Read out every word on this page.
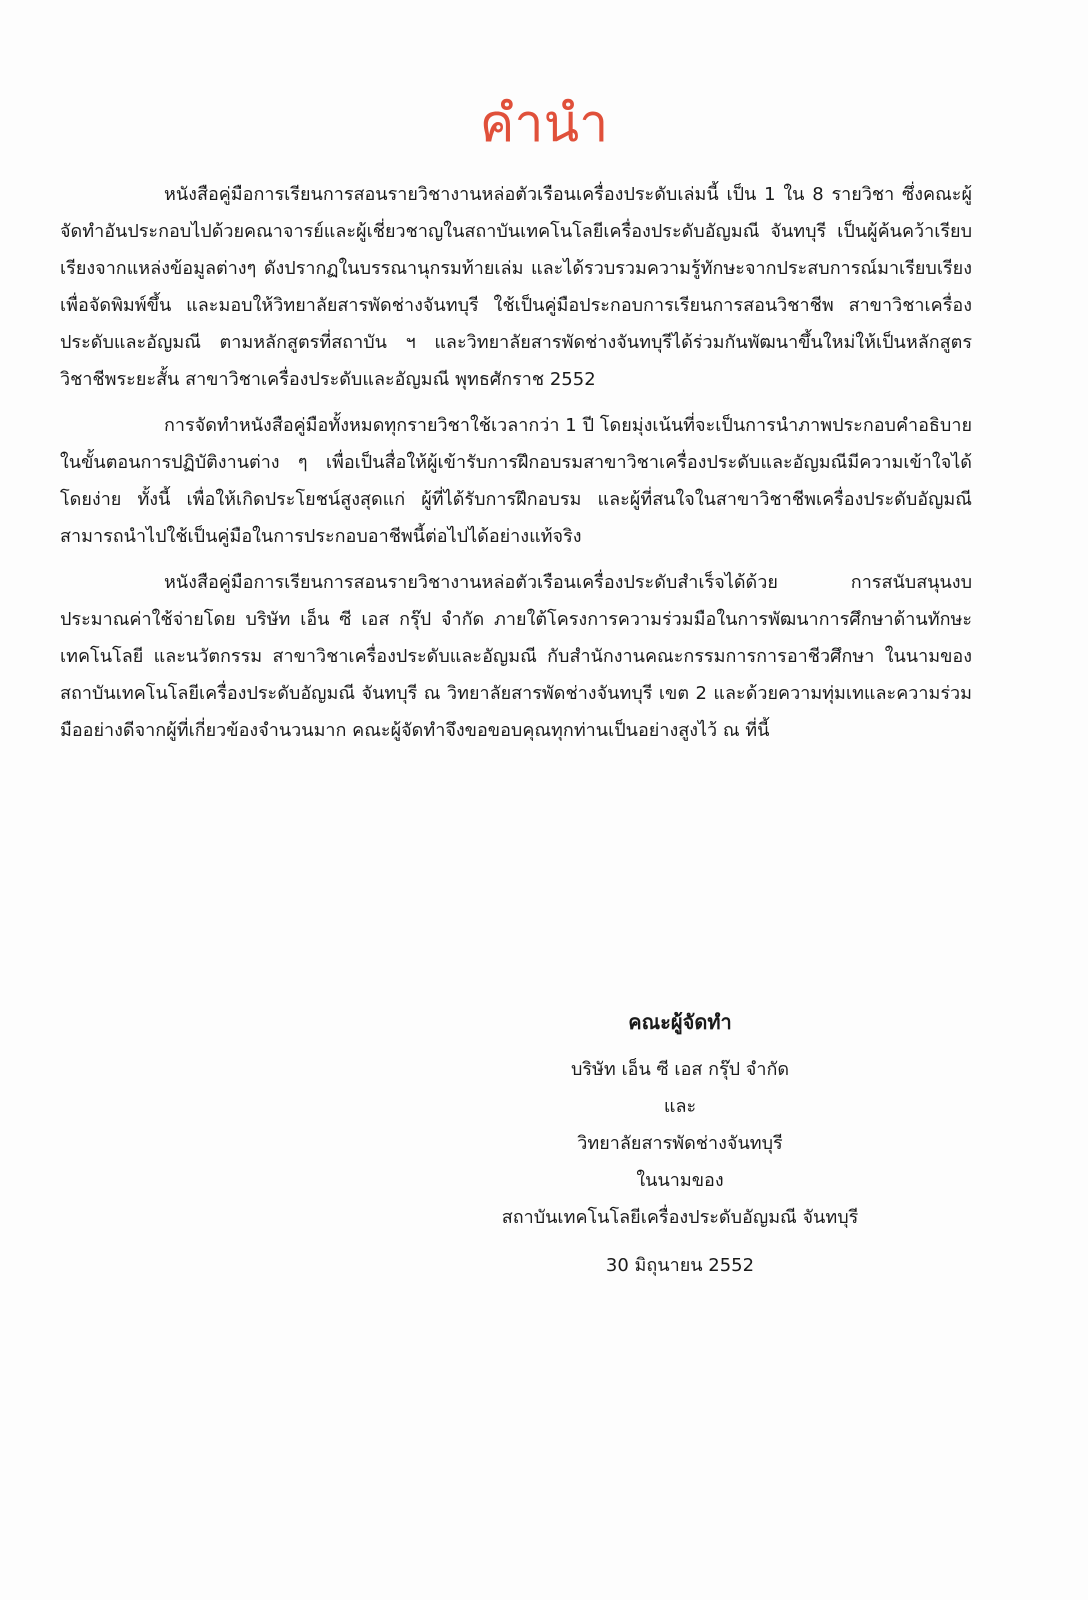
คำนำ

หนังสือคู่มือการเรียนการสอนรายวิชางานหล่อตัวเรือนเครื่องประดับเล่มนี้ เป็น 1 ใน 8 รายวิชา ซึ่งคณะผู้จัดทำอันประกอบไปด้วยคณาจารย์และผู้เชี่ยวชาญในสถาบันเทคโนโลยีเครื่องประดับอัญมณี จันทบุรี เป็นผู้ค้นคว้าเรียบเรียงจากแหล่งข้อมูลต่างๆ ดังปรากฏในบรรณานุกรมท้ายเล่ม และได้รวบรวมความรู้ทักษะจากประสบการณ์มาเรียบเรียงเพื่อจัดพิมพ์ขึ้น และมอบให้วิทยาลัยสารพัดช่างจันทบุรี ใช้เป็นคู่มือประกอบการเรียนการสอนวิชาชีพ สาขาวิชาเครื่องประดับและอัญมณี ตามหลักสูตรที่สถาบัน ฯ และวิทยาลัยสารพัดช่างจันทบุรีได้ร่วมกันพัฒนาขึ้นใหม่ให้เป็นหลักสูตรวิชาชีพระยะสั้น สาขาวิชาเครื่องประดับและอัญมณี พุทธศักราช 2552

การจัดทำหนังสือคู่มือทั้งหมดทุกรายวิชาใช้เวลากว่า 1 ปี โดยมุ่งเน้นที่จะเป็นการนำภาพประกอบคำอธิบายในขั้นตอนการปฏิบัติงานต่าง ๆ เพื่อเป็นสื่อให้ผู้เข้ารับการฝึกอบรมสาขาวิชาเครื่องประดับและอัญมณีมีความเข้าใจได้โดยง่าย ทั้งนี้ เพื่อให้เกิดประโยชน์สูงสุดแก่ ผู้ที่ได้รับการฝึกอบรม และผู้ที่สนใจในสาขาวิชาชีพเครื่องประดับอัญมณี สามารถนำไปใช้เป็นคู่มือในการประกอบอาชีพนี้ต่อไปได้อย่างแท้จริง

หนังสือคู่มือการเรียนการสอนรายวิชางานหล่อตัวเรือนเครื่องประดับสำเร็จได้ด้วย การสนับสนุนงบประมาณค่าใช้จ่ายโดย บริษัท เอ็น ซี เอส กรุ๊ป จำกัด ภายใต้โครงการความร่วมมือในการพัฒนาการศึกษาด้านทักษะ เทคโนโลยี และนวัตกรรม สาขาวิชาเครื่องประดับและอัญมณี กับสำนักงานคณะกรรมการการอาชีวศึกษา ในนามของสถาบันเทคโนโลยีเครื่องประดับอัญมณี จันทบุรี ณ วิทยาลัยสารพัดช่างจันทบุรี เขต 2 และด้วยความทุ่มเทและความร่วมมืออย่างดีจากผู้ที่เกี่ยวข้องจำนวนมาก คณะผู้จัดทำจึงขอขอบคุณทุกท่านเป็นอย่างสูงไว้ ณ ที่นี้

คณะผู้จัดทำ
บริษัท เอ็น ซี เอส กรุ๊ป จำกัด
และ
วิทยาลัยสารพัดช่างจันทบุรี
ในนามของ
สถาบันเทคโนโลยีเครื่องประดับอัญมณี จันทบุรี
30 มิถุนายน 2552
